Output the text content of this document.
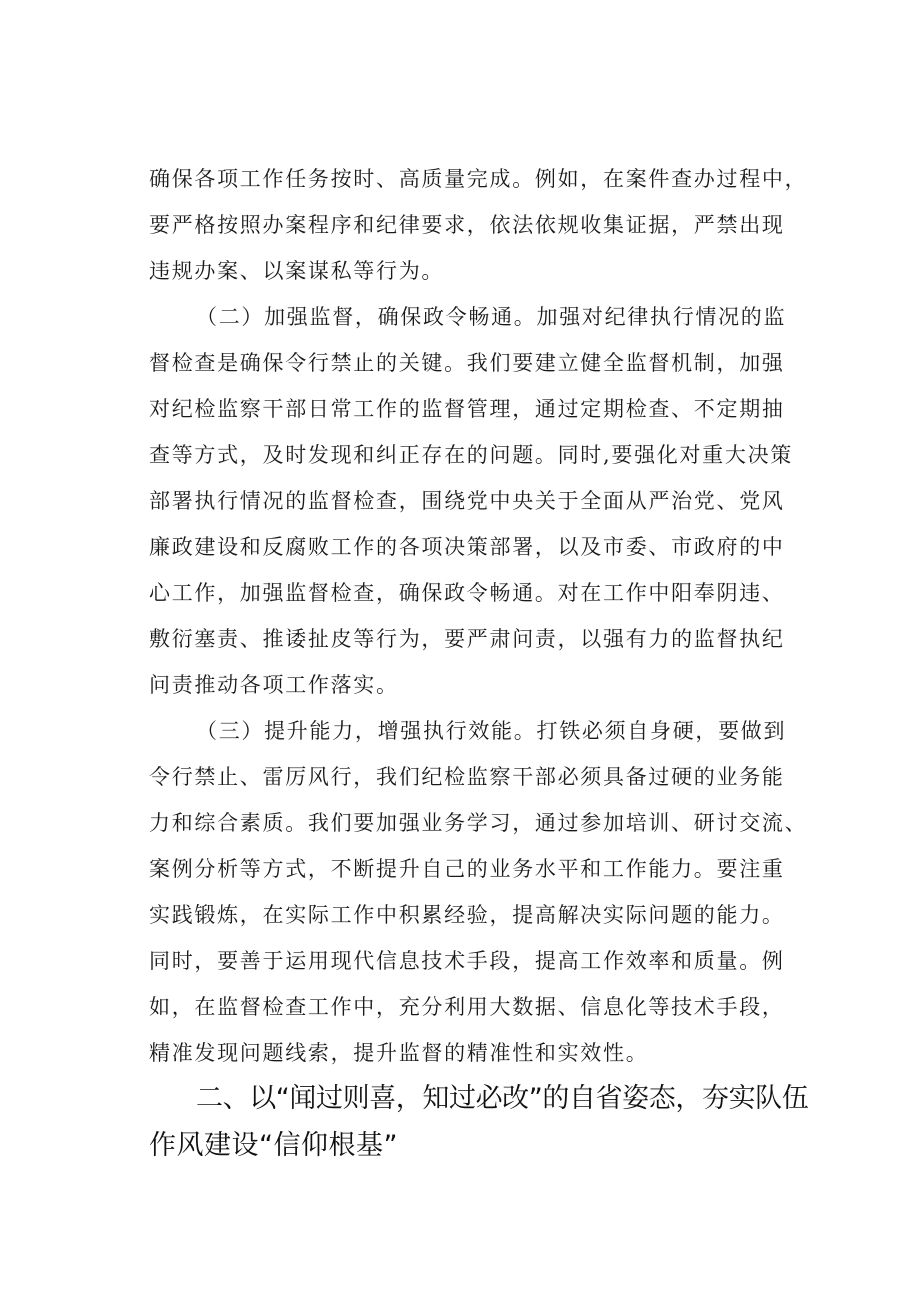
确保各项工作任务按时、高质量完成。例如，在案件查办过程中，
要严格按照办案程序和纪律要求，依法依规收集证据，严禁出现
违规办案、以案谋私等行为。
（二）加强监督，确保政令畅通。加强对纪律执行情况的监
督检查是确保令行禁止的关键。我们要建立健全监督机制，加强
对纪检监察干部日常工作的监督管理，通过定期检查、不定期抽
查等方式，及时发现和纠正存在的问题。同时,要强化对重大决策
部署执行情况的监督检查，围绕党中央关于全面从严治党、党风
廉政建设和反腐败工作的各项决策部署，以及市委、市政府的中
心工作，加强监督检查，确保政令畅通。对在工作中阳奉阴违、
敷衍塞责、推诿扯皮等行为，要严肃问责，以强有力的监督执纪
问责推动各项工作落实。
（三）提升能力，增强执行效能。打铁必须自身硬，要做到
令行禁止、雷厉风行，我们纪检监察干部必须具备过硬的业务能
力和综合素质。我们要加强业务学习，通过参加培训、研讨交流、
案例分析等方式，不断提升自己的业务水平和工作能力。要注重
实践锻炼，在实际工作中积累经验，提高解决实际问题的能力。
同时，要善于运用现代信息技术手段，提高工作效率和质量。例
如，在监督检查工作中，充分利用大数据、信息化等技术手段，
精准发现问题线索，提升监督的精准性和实效性。
二、以“闻过则喜，知过必改”的自省姿态，夯实队伍
作风建设“信仰根基”
